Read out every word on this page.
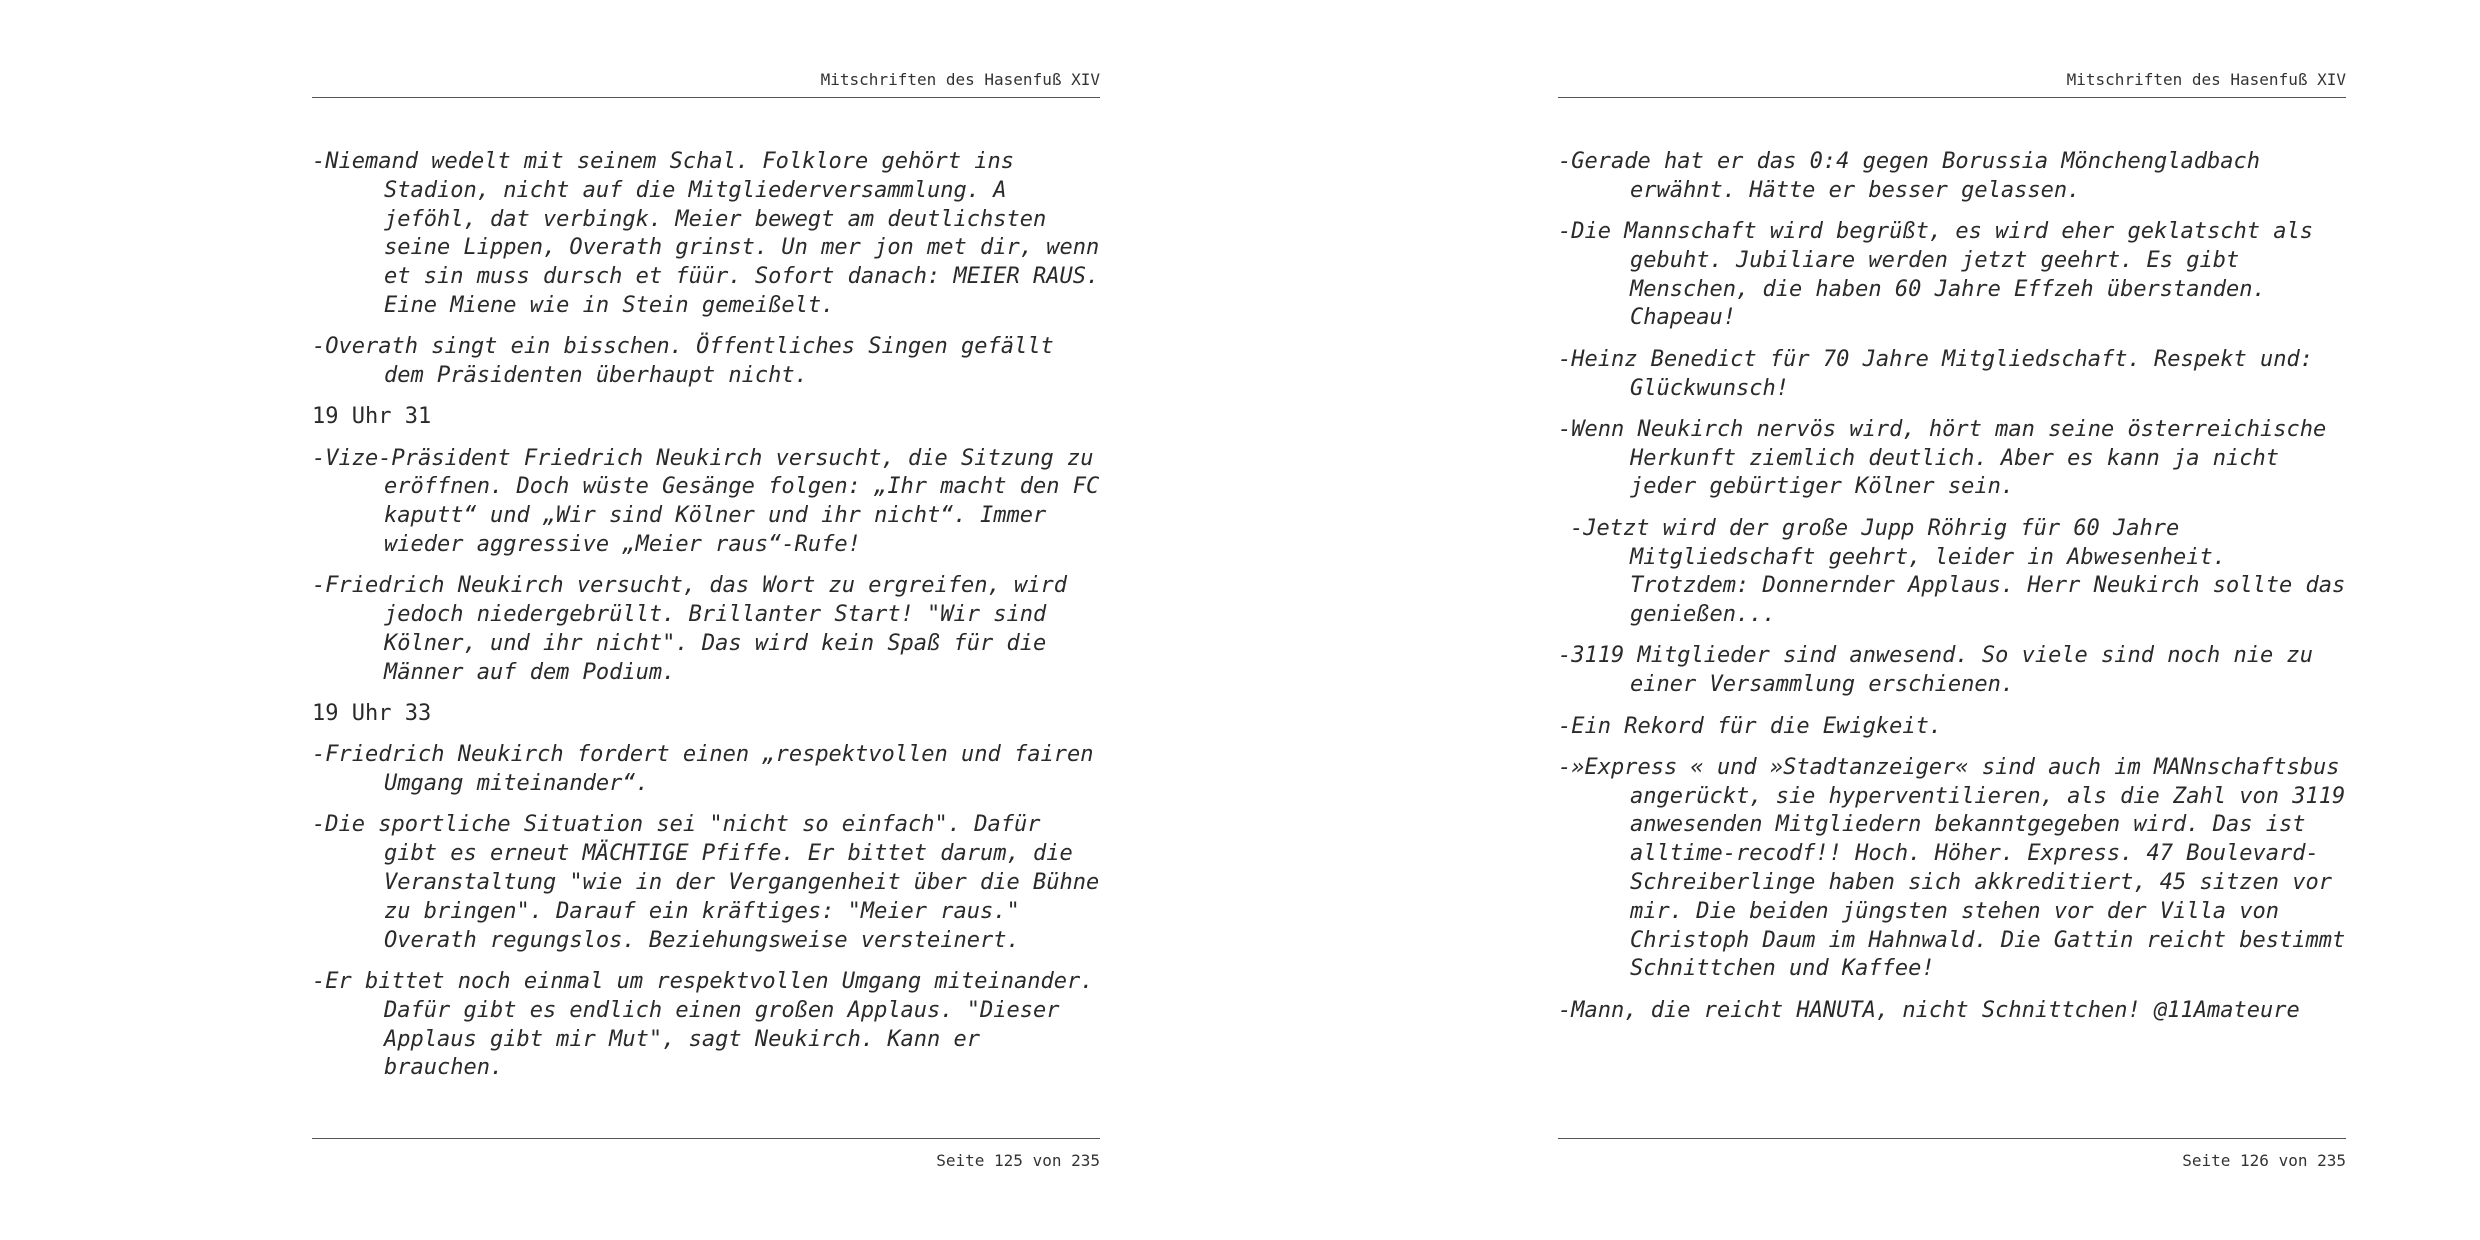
Mitschriften des Hasenfuß XIV

-Niemand wedelt mit seinem Schal. Folklore gehört ins Stadion, nicht auf die Mitgliederversammlung. A jeföhl, dat verbingk. Meier bewegt am deutlichsten seine Lippen, Overath grinst. Un mer jon met dir, wenn et sin muss dursch et füür. Sofort danach: MEIER RAUS. Eine Miene wie in Stein gemeißelt.

-Overath singt ein bisschen. Öffentliches Singen gefällt dem Präsidenten überhaupt nicht.

19 Uhr 31

-Vize-Präsident Friedrich Neukirch versucht, die Sitzung zu eröffnen. Doch wüste Gesänge folgen: „Ihr macht den FC kaputt“ und „Wir sind Kölner und ihr nicht“. Immer wieder aggressive „Meier raus“-Rufe!

-Friedrich Neukirch versucht, das Wort zu ergreifen, wird jedoch niedergebrüllt. Brillanter Start! "Wir sind Kölner, und ihr nicht". Das wird kein Spaß für die Männer auf dem Podium.

19 Uhr 33

-Friedrich Neukirch fordert einen „respektvollen und fairen Umgang miteinander“.

-Die sportliche Situation sei "nicht so einfach". Dafür gibt es erneut MÄCHTIGE Pfiffe. Er bittet darum, die Veranstaltung "wie in der Vergangenheit über die Bühne zu bringen". Darauf ein kräftiges: "Meier raus." Overath regungslos. Beziehungsweise versteinert.

-Er bittet noch einmal um respektvollen Umgang miteinander. Dafür gibt es endlich einen großen Applaus. "Dieser Applaus gibt mir Mut", sagt Neukirch. Kann er brauchen.

Seite 125 von 235
Mitschriften des Hasenfuß XIV

-Gerade hat er das 0:4 gegen Borussia Mönchengladbach erwähnt. Hätte er besser gelassen.

-Die Mannschaft wird begrüßt, es wird eher geklatscht als gebuht. Jubiliare werden jetzt geehrt. Es gibt Menschen, die haben 60 Jahre Effzeh überstanden. Chapeau!

-Heinz Benedict für 70 Jahre Mitgliedschaft. Respekt und: Glückwunsch!

-Wenn Neukirch nervös wird, hört man seine österreichische Herkunft ziemlich deutlich. Aber es kann ja nicht jeder gebürtiger Kölner sein.

-Jetzt wird der große Jupp Röhrig für 60 Jahre Mitgliedschaft geehrt, leider in Abwesenheit. Trotzdem: Donnernder Applaus. Herr Neukirch sollte das genießen...

-3119 Mitglieder sind anwesend. So viele sind noch nie zu einer Versammlung erschienen.

-Ein Rekord für die Ewigkeit.

-»Express « und »Stadtanzeiger« sind auch im MANnschaftsbus angerückt, sie hyperventilieren, als die Zahl von 3119 anwesenden Mitgliedern bekanntgegeben wird. Das ist alltime-recodf!! Hoch. Höher. Express. 47 Boulevard-Schreiberlinge haben sich akkreditiert, 45 sitzen vor mir. Die beiden jüngsten stehen vor der Villa von Christoph Daum im Hahnwald. Die Gattin reicht bestimmt Schnittchen und Kaffee!

-Mann, die reicht HANUTA, nicht Schnittchen! @11Amateure

Seite 126 von 235
